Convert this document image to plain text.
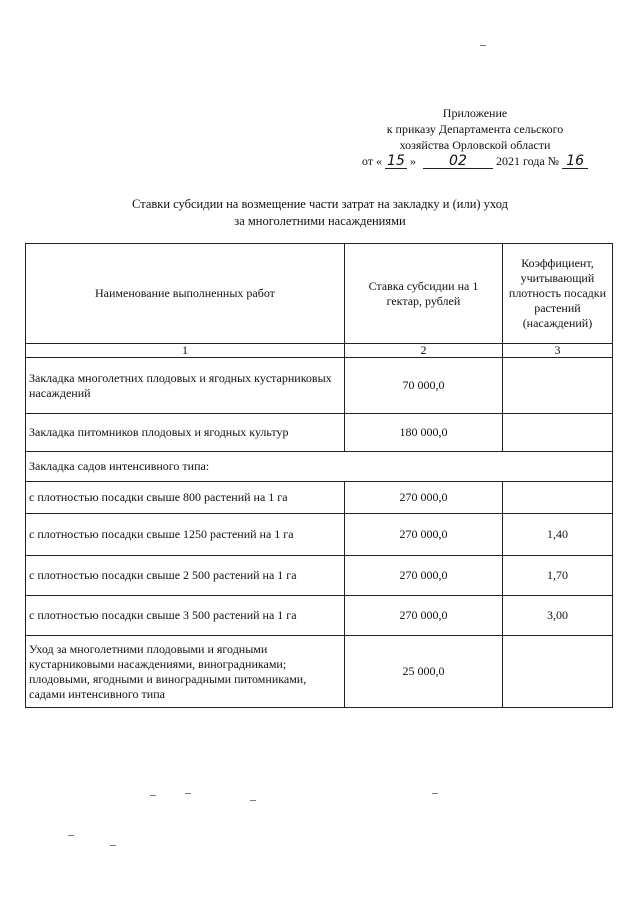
Приложение
к приказу Департамента сельского
хозяйства Орловской области
от « 15 » 02 2021 года № 16
Ставки субсидии на возмещение части затрат на закладку и (или) уход
за многолетними насаждениями
Наименование выполненных работ	Ставка субсидии на 1 гектар, рублей	Коэффициент, учитывающий плотность посадки растений (насаждений)
1	2	3
Закладка многолетних плодовых и ягодных кустарниковых насаждений	70 000,0	
Закладка питомников плодовых и ягодных культур	180 000,0	
Закладка садов интенсивного типа:		
с плотностью посадки свыше 800 растений на 1 га	270 000,0	
с плотностью посадки свыше 1250 растений на 1 га	270 000,0	1,40
с плотностью посадки свыше 2 500 растений на 1 га	270 000,0	1,70
с плотностью посадки свыше 3 500 растений на 1 га	270 000,0	3,00
Уход за многолетними плодовыми и ягодными кустарниковыми насаждениями, виноградниками; плодовыми, ягодными и виноградными питомниками, садами интенсивного типа	25 000,0	
